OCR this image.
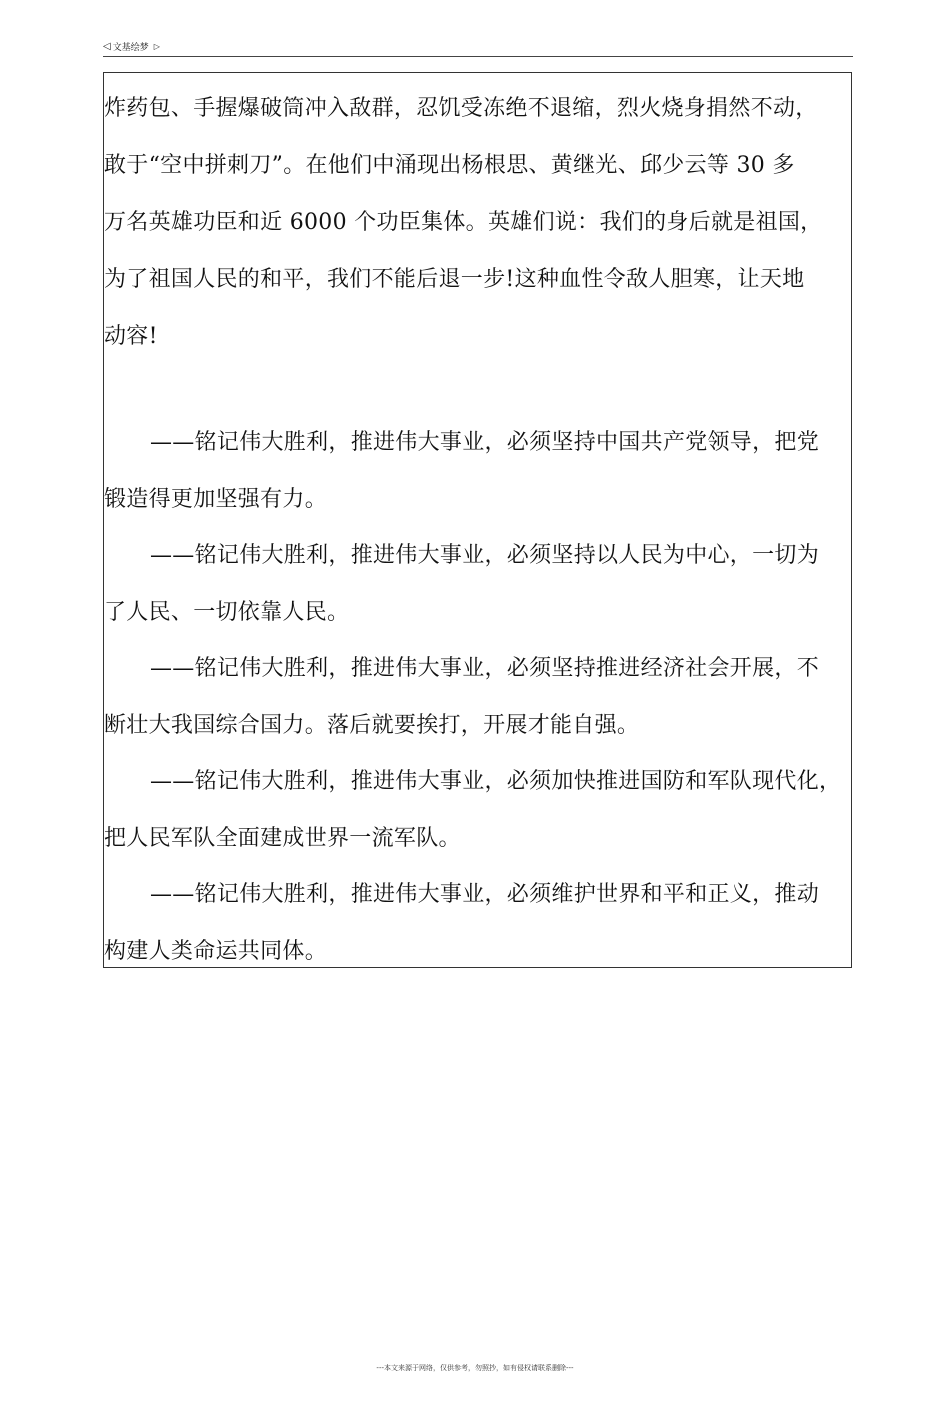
◁ 文基绘梦 ▷
炸药包、手握爆破筒冲入敌群，忍饥受冻绝不退缩，烈火烧身捐然不动，
敢于“空中拼刺刀”。在他们中涌现出杨根思、黄继光、邱少云等 30 多
万名英雄功臣和近 6000 个功臣集体。英雄们说：我们的身后就是祖国，
为了祖国人民的和平，我们不能后退一步!这种血性令敌人胆寒，让天地
动容!
——铭记伟大胜利，推进伟大事业，必须坚持中国共产党领导，把党
锻造得更加坚强有力。
——铭记伟大胜利，推进伟大事业，必须坚持以人民为中心，一切为
了人民、一切依靠人民。
——铭记伟大胜利，推进伟大事业，必须坚持推进经济社会开展，不
断壮大我国综合国力。落后就要挨打，开展才能自强。
——铭记伟大胜利，推进伟大事业，必须加快推进国防和军队现代化，
把人民军队全面建成世界一流军队。
——铭记伟大胜利，推进伟大事业，必须维护世界和平和正义，推动
构建人类命运共同体。
---本文来源于网络，仅供参考，勿照抄，如有侵权请联系删除---
